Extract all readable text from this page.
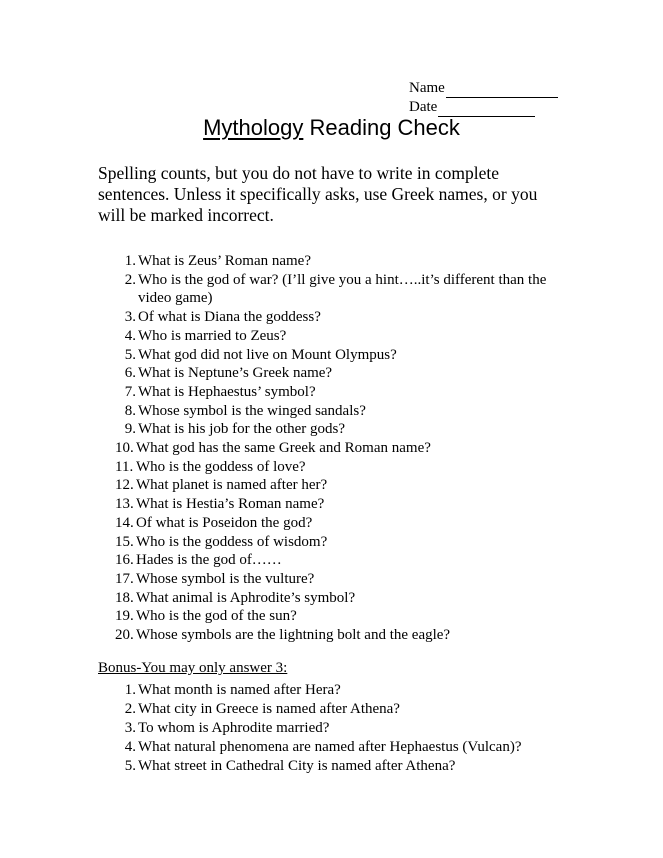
Name
Date
Mythology Reading Check
Spelling counts, but you do not have to write in complete sentences. Unless it specifically asks, use Greek names, or you will be marked incorrect.
1. What is Zeus’ Roman name?
2. Who is the god of war? (I’ll give you a hint…..it’s different than the video game)
3. Of what is Diana the goddess?
4. Who is married to Zeus?
5. What god did not live on Mount Olympus?
6. What is Neptune’s Greek name?
7. What is Hephaestus’ symbol?
8. Whose symbol is the winged sandals?
9. What is his job for the other gods?
10. What god has the same Greek and Roman name?
11. Who is the goddess of love?
12. What planet is named after her?
13. What is Hestia’s Roman name?
14. Of what is Poseidon the god?
15. Who is the goddess of wisdom?
16. Hades is the god of……
17. Whose symbol is the vulture?
18. What animal is Aphrodite’s symbol?
19. Who is the god of the sun?
20. Whose symbols are the lightning bolt and the eagle?
Bonus-You may only answer 3:
1. What month is named after Hera?
2. What city in Greece is named after Athena?
3. To whom is Aphrodite married?
4. What natural phenomena are named after Hephaestus (Vulcan)?
5. What street in Cathedral City is named after Athena?
